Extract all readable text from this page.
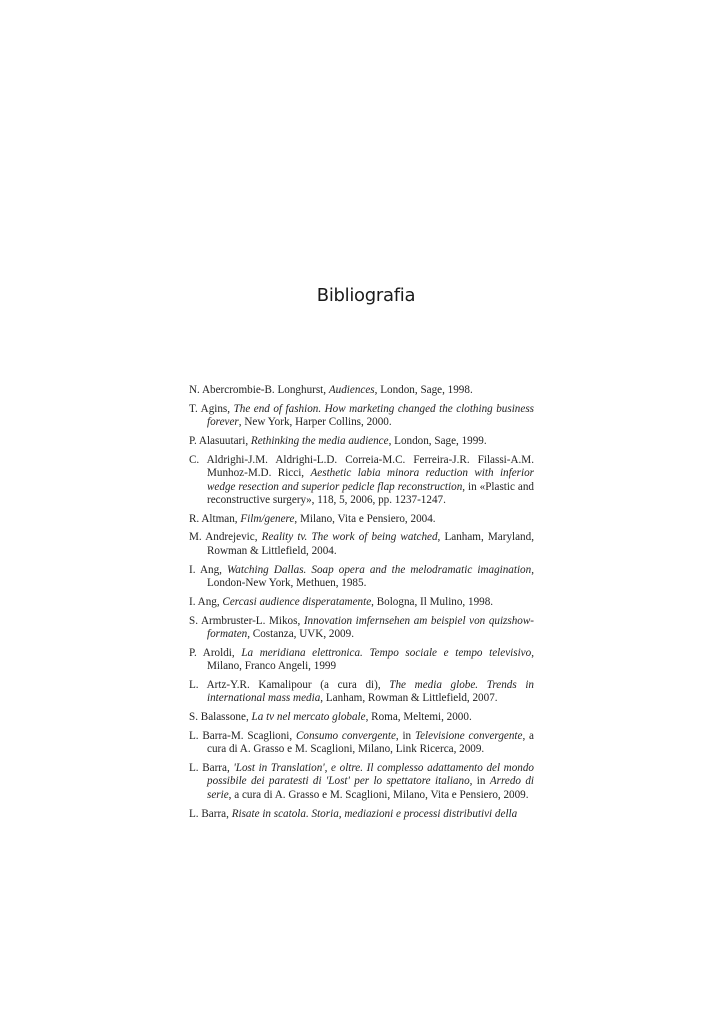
Bibliografia
N. Abercrombie-B. Longhurst, Audiences, London, Sage, 1998.
T. Agins, The end of fashion. How marketing changed the clothing business forever, New York, Harper Collins, 2000.
P. Alasuutari, Rethinking the media audience, London, Sage, 1999.
C. Aldrighi-J.M. Aldrighi-L.D. Correia-M.C. Ferreira-J.R. Filassi-A.M. Munhoz-M.D. Ricci, Aesthetic labia minora reduction with inferior wedge resection and superior pedicle flap reconstruction, in «Plastic and reconstructive surgery», 118, 5, 2006, pp. 1237-1247.
R. Altman, Film/genere, Milano, Vita e Pensiero, 2004.
M. Andrejevic, Reality tv. The work of being watched, Lanham, Maryland, Rowman & Littlefield, 2004.
I. Ang, Watching Dallas. Soap opera and the melodramatic imagination, London-New York, Methuen, 1985.
I. Ang, Cercasi audience disperatamente, Bologna, Il Mulino, 1998.
S. Armbruster-L. Mikos, Innovation imfernsehen am beispiel von quizshow-formaten, Costanza, UVK, 2009.
P. Aroldi, La meridiana elettronica. Tempo sociale e tempo televisivo, Milano, Franco Angeli, 1999
L. Artz-Y.R. Kamalipour (a cura di), The media globe. Trends in international mass media, Lanham, Rowman & Littlefield, 2007.
S. Balassone, La tv nel mercato globale, Roma, Meltemi, 2000.
L. Barra-M. Scaglioni, Consumo convergente, in Televisione convergente, a cura di A. Grasso e M. Scaglioni, Milano, Link Ricerca, 2009.
L. Barra, 'Lost in Translation', e oltre. Il complesso adattamento del mondo possibile dei paratesti di 'Lost' per lo spettatore italiano, in Arredo di serie, a cura di A. Grasso e M. Scaglioni, Milano, Vita e Pensiero, 2009.
L. Barra, Risate in scatola. Storia, mediazioni e processi distributivi della
